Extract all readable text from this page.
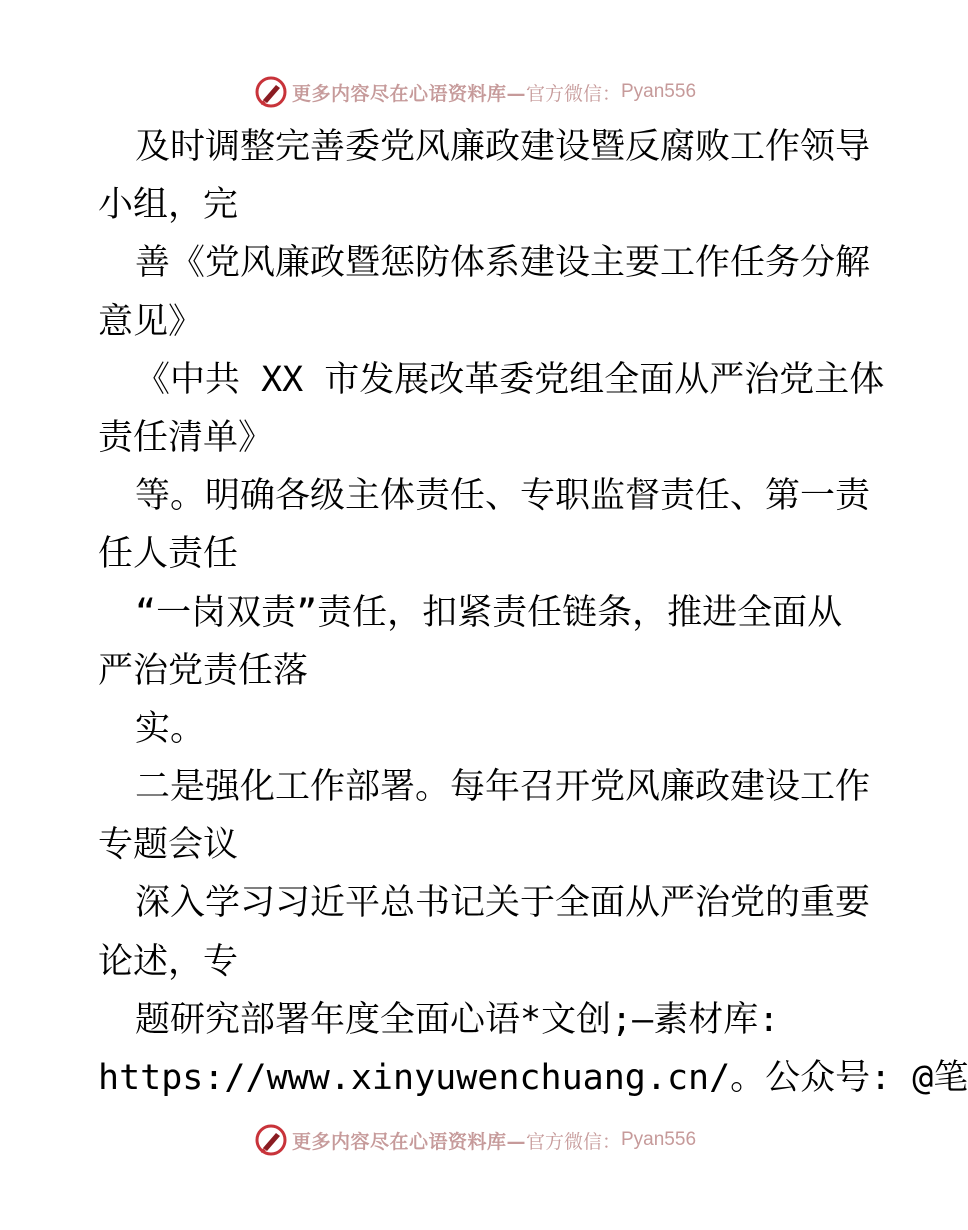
更多内容尽在心语资料库— 官方微信： Pyan556
及时调整完善委党风廉政建设暨反腐败工作领导
小组，完
善《党风廉政暨惩防体系建设主要工作任务分解
意见》
《中共 XX 市发展改革委党组全面从严治党主体
责任清单》
等。明确各级主体责任、专职监督责任、第一责
任人责任
“一岗双责”责任，扣紧责任链条，推进全面从
严治党责任落
实。
二是强化工作部署。每年召开党风廉政建设工作
专题会议
深入学习习近平总书记关于全面从严治党的重要
论述，专
题研究部署年度全面心语*文创;—素材库:
https://www.xinyuwenchuang.cn/。公众号: @笔
更多内容尽在心语资料库— 官方微信： Pyan556
